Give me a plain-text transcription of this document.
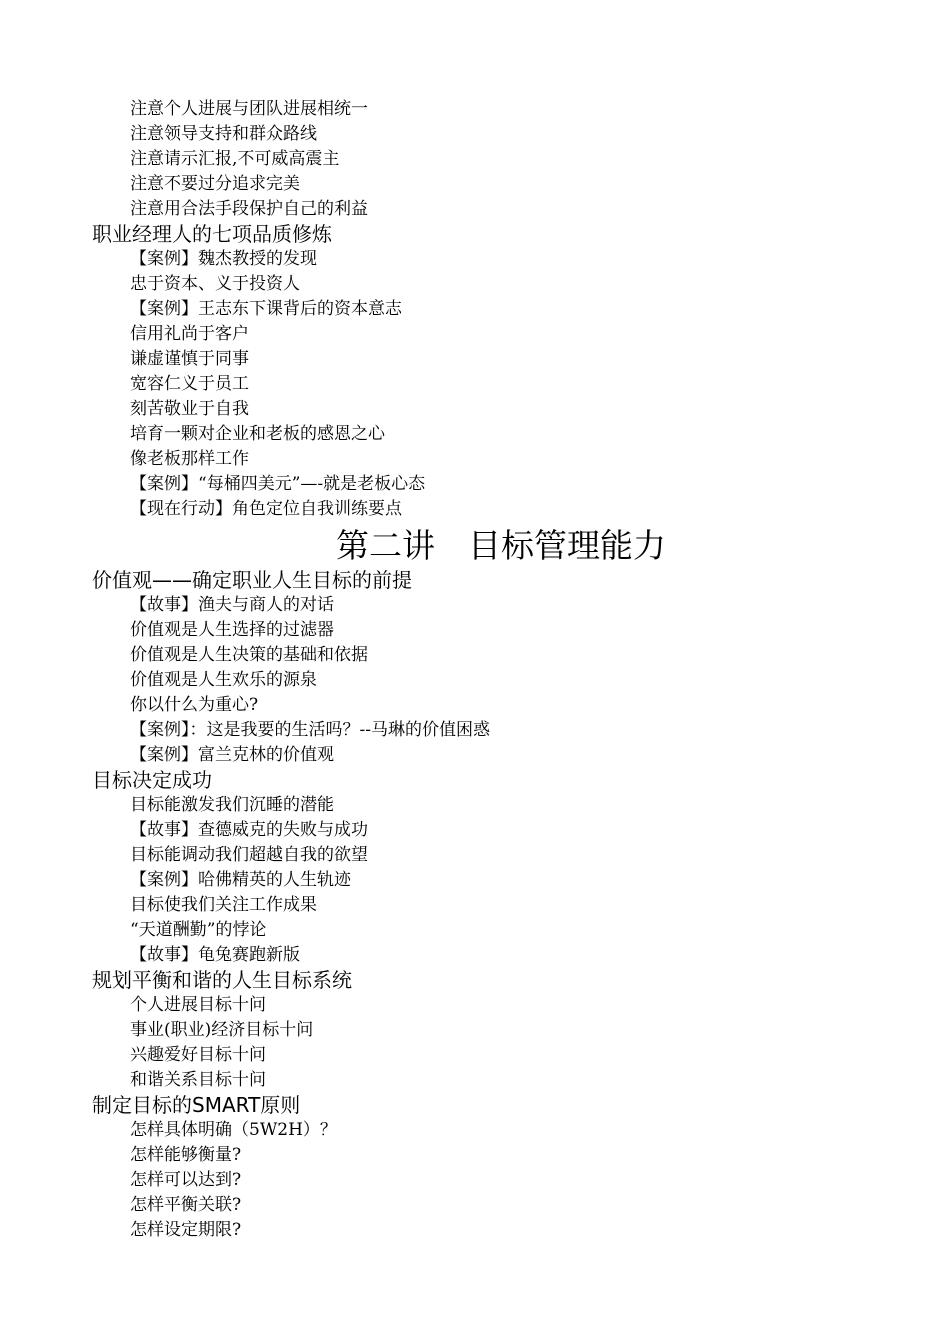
注意个人进展与团队进展相统一
注意领导支持和群众路线
注意请示汇报,不可威高震主
注意不要过分追求完美
注意用合法手段保护自己的利益
职业经理人的七项品质修炼
【案例】魏杰教授的发现
忠于资本、义于投资人
【案例】王志东下课背后的资本意志
信用礼尚于客户
谦虚谨慎于同事
宽容仁义于员工
刻苦敬业于自我
培育一颗对企业和老板的感恩之心
像老板那样工作
【案例】“每桶四美元”—-就是老板心态
【现在行动】角色定位自我训练要点
第二讲　目标管理能力
价值观——确定职业人生目标的前提
【故事】渔夫与商人的对话
价值观是人生选择的过滤器
价值观是人生决策的基础和依据
价值观是人生欢乐的源泉
你以什么为重心?
【案例】：这是我要的生活吗？--马琳的价值困惑
【案例】富兰克林的价值观
目标决定成功
目标能激发我们沉睡的潜能
【故事】查德威克的失败与成功
目标能调动我们超越自我的欲望
【案例】哈佛精英的人生轨迹
目标使我们关注工作成果
“天道酬勤”的悖论
【故事】龟兔赛跑新版
规划平衡和谐的人生目标系统
个人进展目标十问
事业(职业)经济目标十问
兴趣爱好目标十问
和谐关系目标十问
制定目标的SMART原则
怎样具体明确（5W2H）？
怎样能够衡量?
怎样可以达到?
怎样平衡关联?
怎样设定期限?
